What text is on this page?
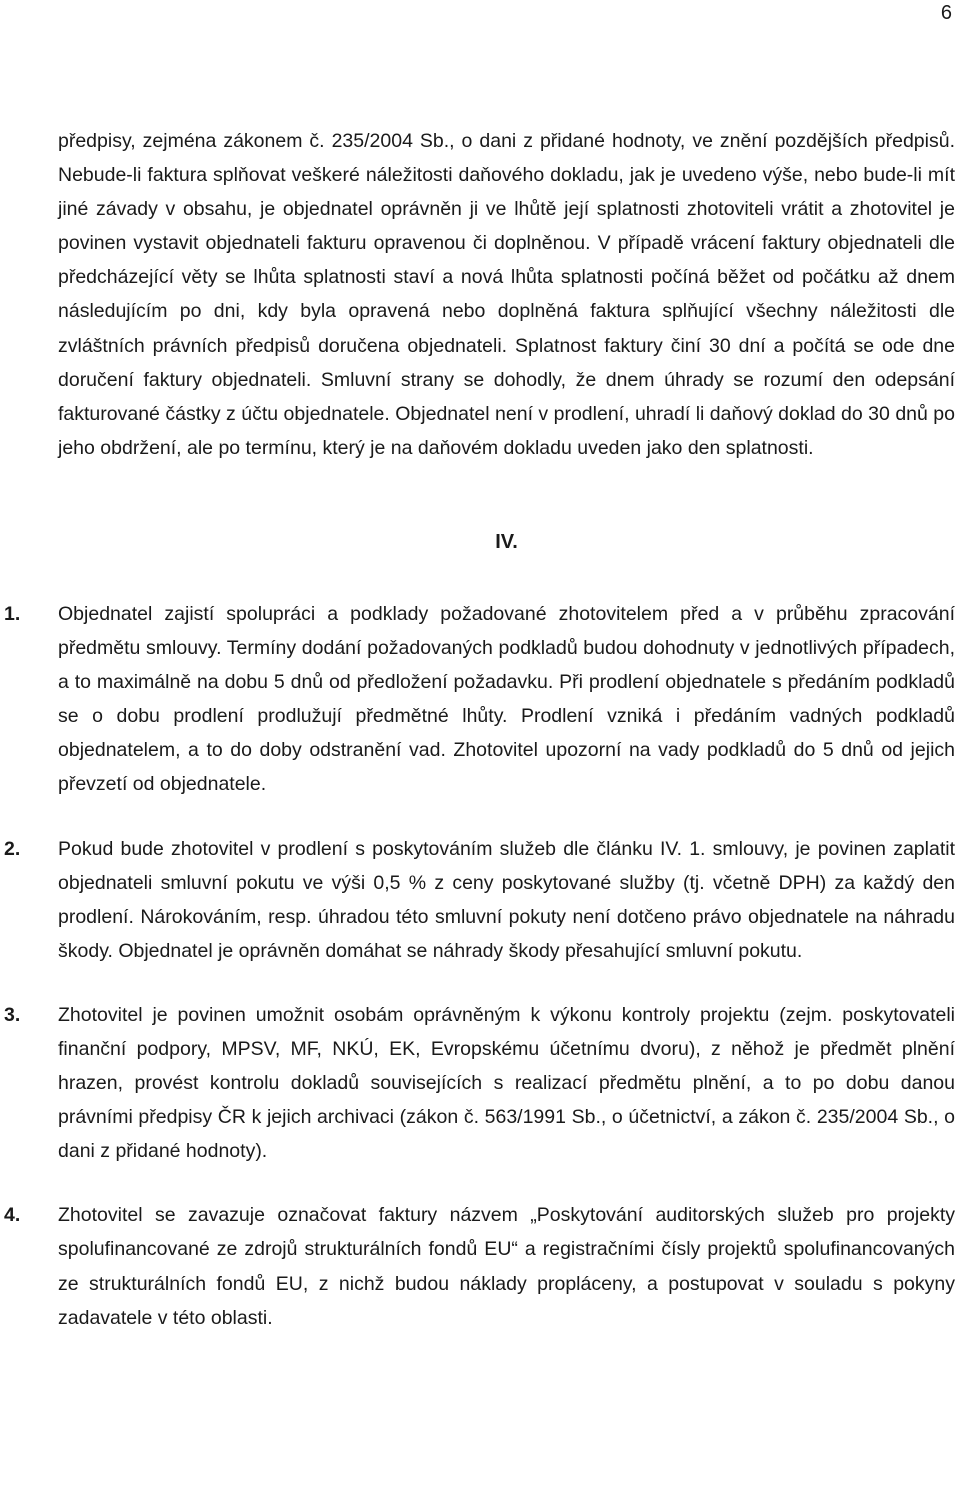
6

předpisy, zejména zákonem č. 235/2004 Sb., o dani z přidané hodnoty, ve znění pozdějších předpisů. Nebude-li faktura splňovat veškeré náležitosti daňového dokladu, jak je uvedeno výše, nebo bude-li mít jiné závady v obsahu, je objednatel oprávněn ji ve lhůtě její splatnosti zhotoviteli vrátit a zhotovitel je povinen vystavit objednateli fakturu opravenou či doplněnou. V případě vrácení faktury objednateli dle předcházející věty se lhůta splatnosti staví a nová lhůta splatnosti počíná běžet od počátku až dnem následujícím po dni, kdy byla opravená nebo doplněná faktura splňující všechny náležitosti dle zvláštních právních předpisů doručena objednateli. Splatnost faktury činí 30 dní a počítá se ode dne doručení faktury objednateli. Smluvní strany se dohodly, že dnem úhrady se rozumí den odepsání fakturované částky z účtu objednatele. Objednatel není v prodlení, uhradí li daňový doklad do 30 dnů po jeho obdržení, ale po termínu, který je na daňovém dokladu uveden jako den splatnosti.

IV.
1. Objednatel zajistí spolupráci a podklady požadované zhotovitelem před a v průběhu zpracování předmětu smlouvy. Termíny dodání požadovaných podkladů budou dohodnuty v jednotlivých případech, a to maximálně na dobu 5 dnů od předložení požadavku. Při prodlení objednatele s předáním podkladů se o dobu prodlení prodlužují předmětné lhůty. Prodlení vzniká i předáním vadných podkladů objednatelem, a to do doby odstranění vad. Zhotovitel upozorní na vady podkladů do 5 dnů od jejich převzetí od objednatele.

2. Pokud bude zhotovitel v prodlení s poskytováním služeb dle článku IV. 1. smlouvy, je povinen zaplatit objednateli smluvní pokutu ve výši 0,5 % z ceny poskytované služby (tj. včetně DPH) za každý den prodlení. Nárokováním, resp. úhradou této smluvní pokuty není dotčeno právo objednatele na náhradu škody. Objednatel je oprávněn domáhat se náhrady škody přesahující smluvní pokutu.

3. Zhotovitel je povinen umožnit osobám oprávněným k výkonu kontroly projektu (zejm. poskytovateli finanční podpory, MPSV, MF, NKÚ, EK, Evropskému účetnímu dvoru), z něhož je předmět plnění hrazen, provést kontrolu dokladů souvisejících s realizací předmětu plnění, a to po dobu danou právními předpisy ČR k jejich archivaci (zákon č. 563/1991 Sb., o účetnictví, a zákon č. 235/2004 Sb., o dani z přidané hodnoty).

4. Zhotovitel se zavazuje označovat faktury názvem „Poskytování auditorských služeb pro projekty spolufinancované ze zdrojů strukturálních fondů EU“ a registračními čísly projektů spolufinancovaných ze strukturálních fondů EU, z nichž budou náklady propláceny, a postupovat v souladu s pokyny zadavatele v této oblasti.
